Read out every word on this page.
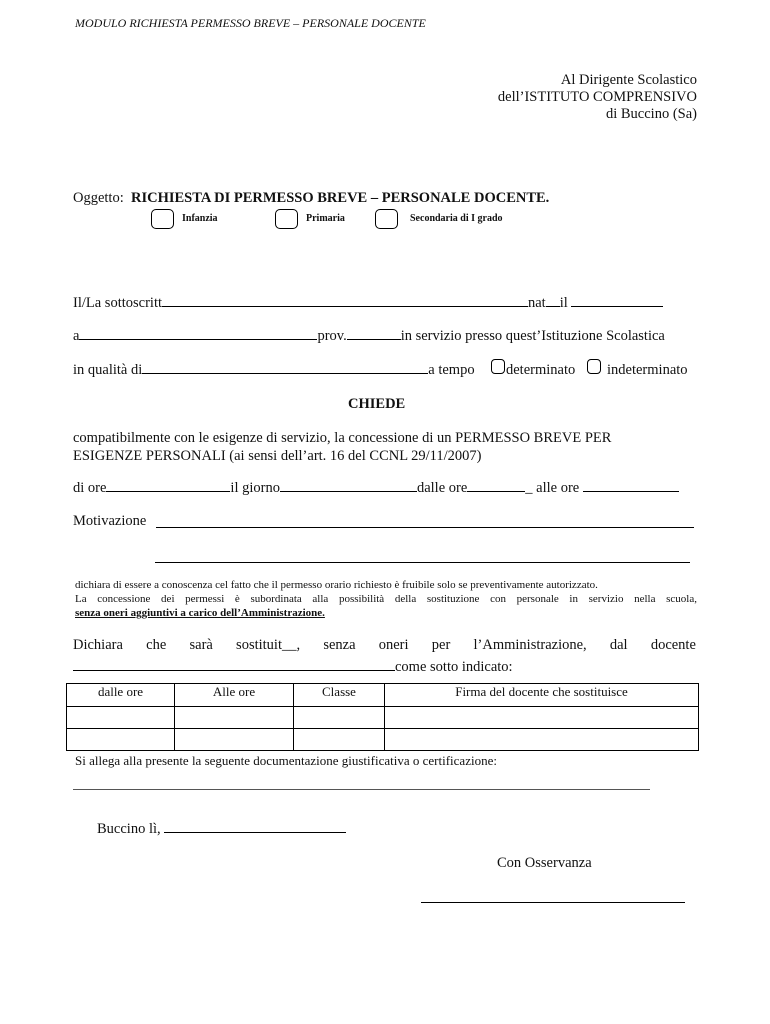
MODULO RICHIESTA PERMESSO BREVE – PERSONALE DOCENTE
Al Dirigente Scolastico
dell’ISTITUTO COMPRENSIVO
di Buccino (Sa)
Oggetto: RICHIESTA DI PERMESSO BREVE – PERSONALE DOCENTE.
Infanzia	Primaria	Secondaria di I grado
Il/La sottoscritt	nat il
a	prov.	in servizio presso quest’Istituzione Scolastica
in qualità di	a tempo determinato indeterminato
CHIEDE
compatibilmente con le esigenze di servizio, la concessione di un PERMESSO BREVE PER
ESIGENZE PERSONALI (ai sensi dell’art. 16 del CCNL 29/11/2007)
di ore	il giorno	dalle ore	_ alle ore
Motivazione
dichiara di essere a conoscenza cel fatto che il permesso orario richiesto è fruibile solo se preventivamente autorizzato.
La concessione dei permessi è subordinata alla possibilità della sostituzione con personale in servizio nella scuola,
senza oneri aggiuntivi a carico dell’Amministrazione.
Dichiara che sarà sostituit__, senza oneri per l’Amministrazione, dal docente
come sotto indicato:
dalle ore	Alle ore	Classe	Firma del docente che sostituisce

Si allega alla presente la seguente documentazione giustificativa o certificazione:
Buccino lì,
Con Osservanza
